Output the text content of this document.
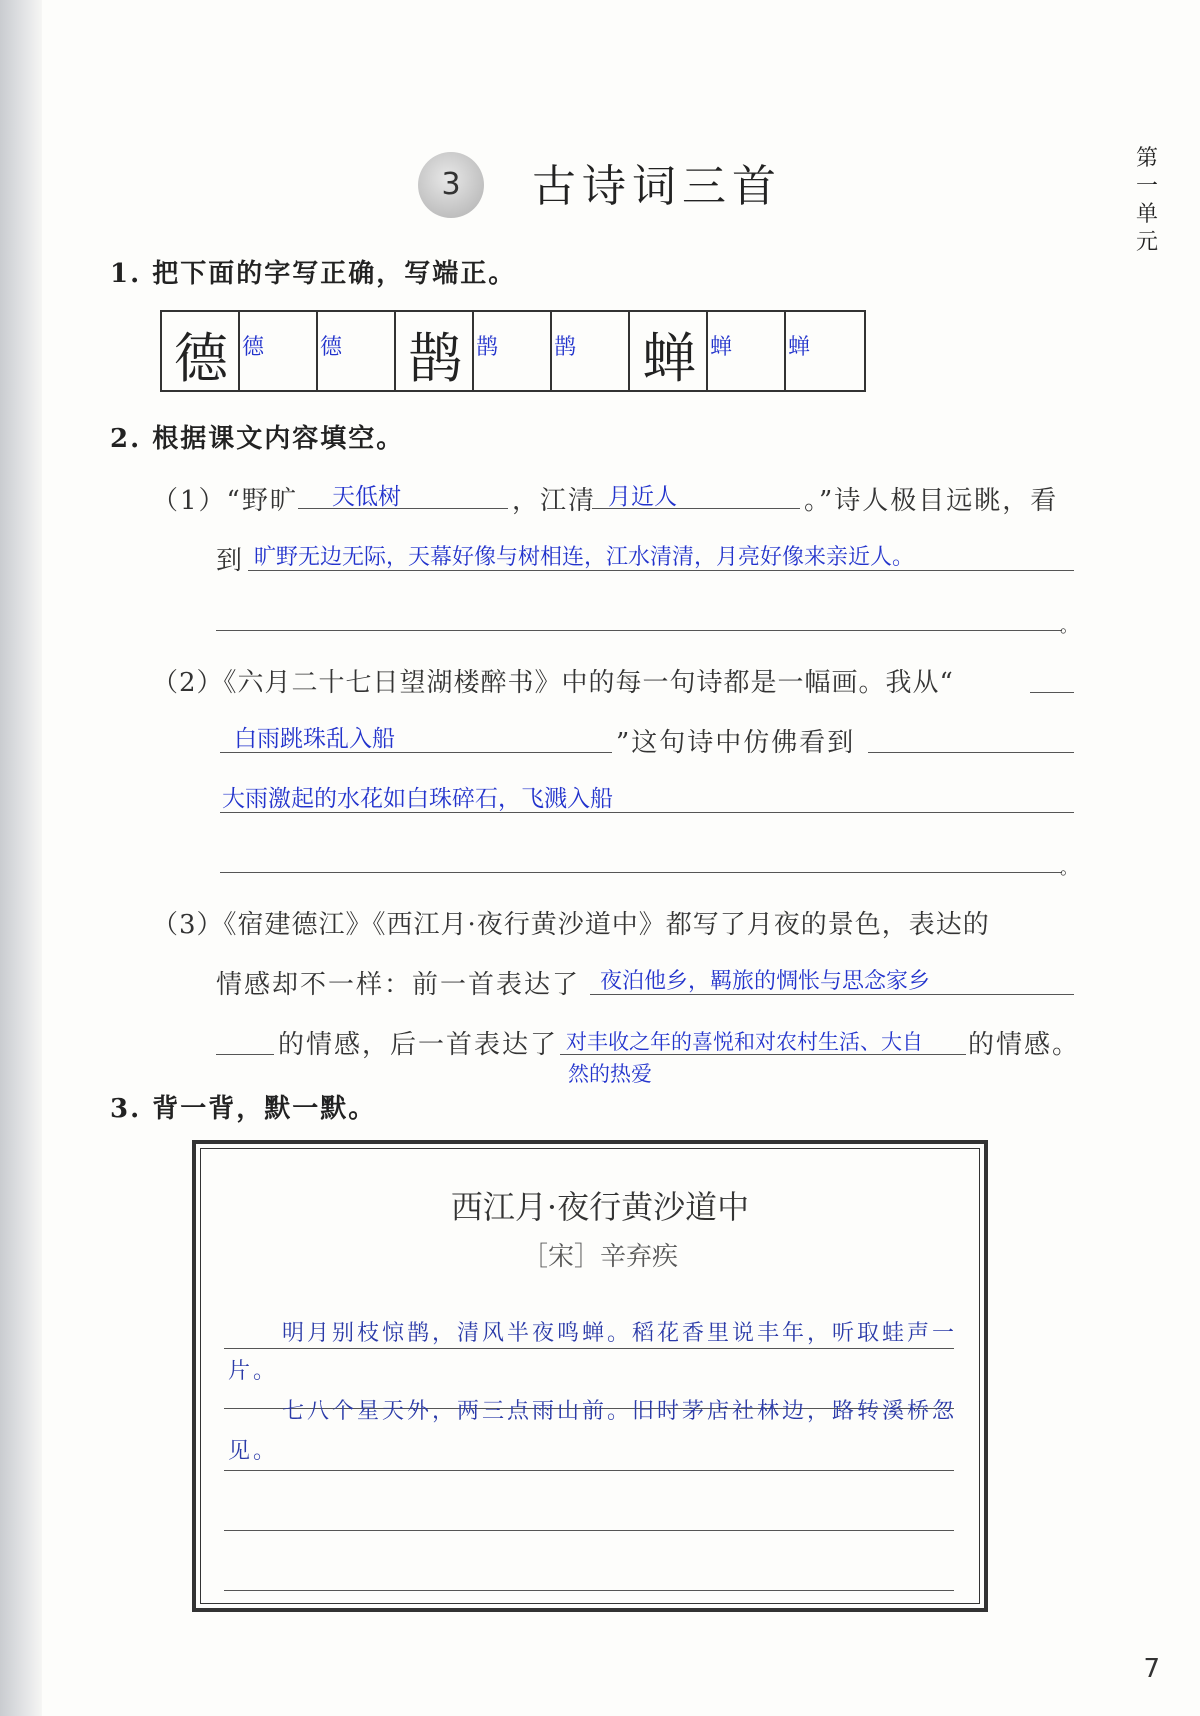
3	古诗词三首
第一单元
1. 把下面的字写正确，写端正。
德 德	德 鹊 鹊	鹊 蝉 蝉	蝉
2. 根据课文内容填空。
（1）“野旷 天低树	，江清 月近人	。”诗人极目远眺，看
到 旷野无边无际，天幕好像与树相连，江水清清，月亮好像来亲近人。
。
（2）《六月二十七日望湖楼醉书》中的每一句诗都是一幅画。我从“
白雨跳珠乱入船	”这句诗中仿佛看到
大雨激起的水花如白珠碎石，飞溅入船
。
（3）《宿建德江》《西江月·夜行黄沙道中》都写了月夜的景色，表达的
情感却不一样：前一首表达了 夜泊他乡，羁旅的惆怅与思念家乡
的情感，后一首表达了 对丰收之年的喜悦和对农村生活、大自 的情感。
然的热爱
3. 背一背，默一默。
西江月·夜行黄沙道中
［宋］辛弃疾
明月别枝惊鹊，清风半夜鸣蝉。稻花香里说丰年，听取蛙声一
片。
七八个星天外，两三点雨山前。旧时茅店社林边，路转溪桥忽
见。
7
